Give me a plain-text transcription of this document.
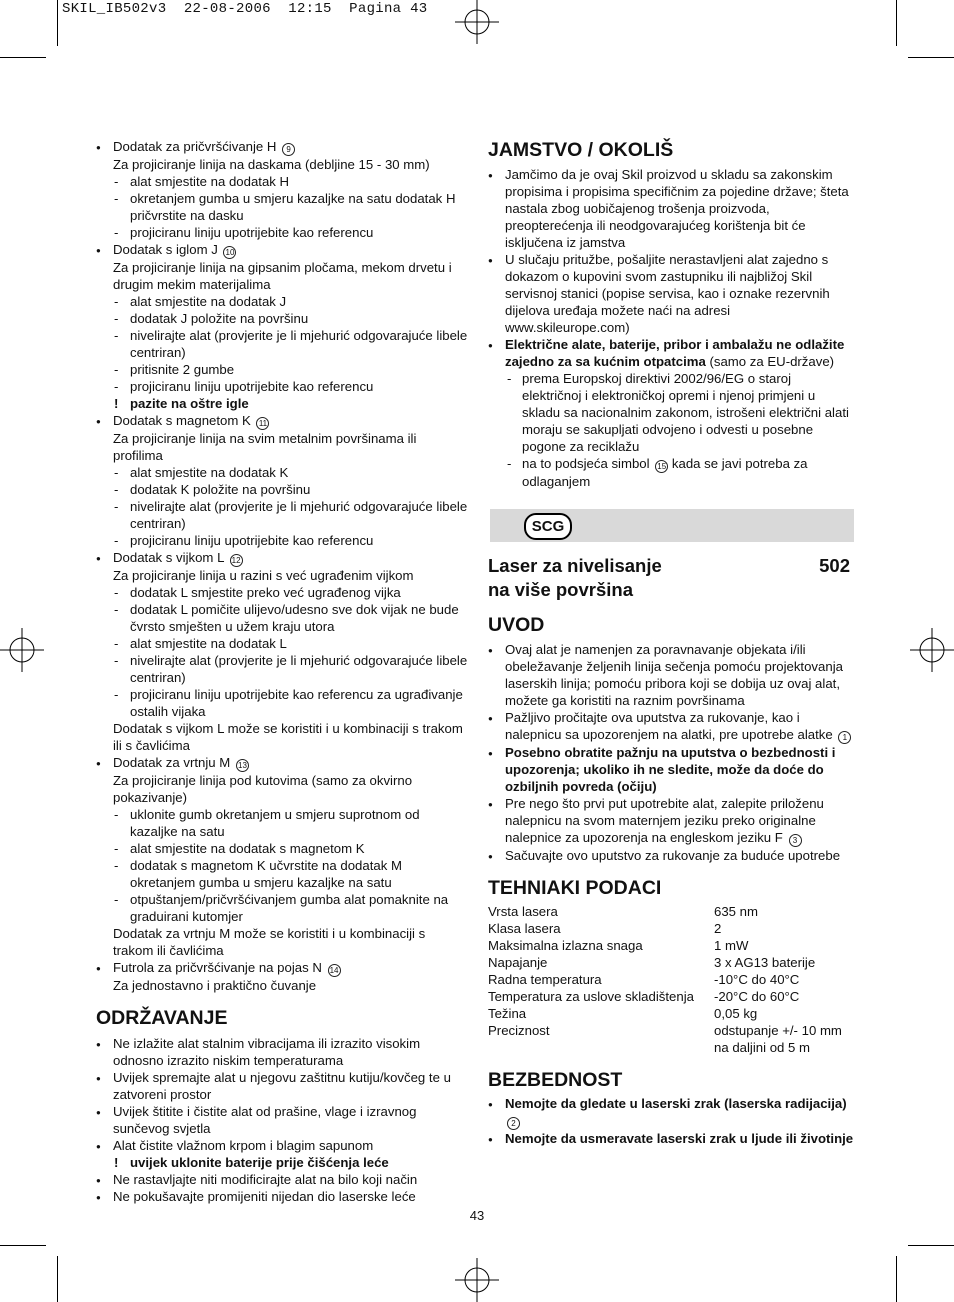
SKIL_IB502v3 22-08-2006 12:15 Pagina 43
● Dodatak za pričvršćivanje H 9
Za projiciranje linija na daskama (debljine 15 - 30 mm)
- alat smjestite na dodatak H
- okretanjem gumba u smjeru kazaljke na satu dodatak H pričvrstite na dasku
- projiciranu liniju upotrijebite kao referencu
● Dodatak s iglom J 10
Za projiciranje linija na gipsanim pločama, mekom drvetu i drugim mekim materijalima
- alat smjestite na dodatak J
- dodatak J položite na površinu
- nivelirajte alat (provjerite je li mjehurić odgovarajuće libele centriran)
- pritisnite 2 gumbe
- projiciranu liniju upotrijebite kao referencu
! pazite na oštre igle
● Dodatak s magnetom K 11
Za projiciranje linija na svim metalnim površinama ili profilima
- alat smjestite na dodatak K
- dodatak K položite na površinu
- nivelirajte alat (provjerite je li mjehurić odgovarajuće libele centriran)
- projiciranu liniju upotrijebite kao referencu
● Dodatak s vijkom L 12
Za projiciranje linija u razini s već ugrađenim vijkom
- dodatak L smjestite preko već ugrađenog vijka
- dodatak L pomičite ulijevo/udesno sve dok vijak ne bude čvrsto smješten u užem kraju utora
- alat smjestite na dodatak L
- nivelirajte alat (provjerite je li mjehurić odgovarajuće libele centriran)
- projiciranu liniju upotrijebite kao referencu za ugrađivanje ostalih vijaka
Dodatak s vijkom L može se koristiti i u kombinaciji s trakom ili s čavlićima
● Dodatak za vrtnju M 13
Za projiciranje linija pod kutovima (samo za okvirno pokazivanje)
- uklonite gumb okretanjem u smjeru suprotnom od kazaljke na satu
- alat smjestite na dodatak s magnetom K
- dodatak s magnetom K učvrstite na dodatak M okretanjem gumba u smjeru kazaljke na satu
- otpuštanjem/pričvršćivanjem gumba alat pomaknite na graduirani kutomjer
Dodatak za vrtnju M može se koristiti i u kombinaciji s trakom ili čavlićima
● Futrola za pričvršćivanje na pojas N 14
Za jednostavno i praktično čuvanje
ODRŽAVANJE
● Ne izlažite alat stalnim vibracijama ili izrazito visokim odnosno izrazito niskim temperaturama
● Uvijek spremajte alat u njegovu zaštitnu kutiju/kovčeg te u zatvoreni prostor
● Uvijek štitite i čistite alat od prašine, vlage i izravnog sunčevog svjetla
● Alat čistite vlažnom krpom i blagim sapunom
! uvijek uklonite baterije prije čišćenja leće
● Ne rastavljajte niti modificirajte alat na bilo koji način
● Ne pokušavajte promijeniti nijedan dio laserske leće
JAMSTVO / OKOLIŠ
● Jamčimo da je ovaj Skil proizvod u skladu sa zakonskim propisima i propisima specifičnim za pojedine države; šteta nastala zbog uobičajenog trošenja proizvoda, preopterećenja ili neodgovarajućeg korištenja bit će isključena iz jamstva
● U slučaju pritužbe, pošaljite nerastavljeni alat zajedno s dokazom o kupovini svom zastupniku ili najbližoj Skil servisnoj stanici (popise servisa, kao i oznake rezervnih dijelova uređaja možete naći na adresi www.skileurope.com)
● Električne alate, baterije, pribor i ambalažu ne odlažite zajedno za sa kućnim otpatcima (samo za EU-države)
- prema Europskoj direktivi 2002/96/EG o staroj električnoj i elektroničkoj opremi i njenoj primjeni u skladu sa nacionalnim zakonom, istrošeni električni alati moraju se sakupljati odvojeno i odvesti u posebne pogone za reciklažu
- na to podsjeća simbol 15 kada se javi potreba za odlaganjem
SCG
Laser za nivelisanje	502
na više površina
UVOD
● Ovaj alat je namenjen za poravnavanje objekata i/ili obeležavanje željenih linija sečenja pomoću projektovanja laserskih linija; pomoću pribora koji se dobija uz ovaj alat, možete ga koristiti na raznim površinama
● Pažljivo pročitajte ova uputstva za rukovanje, kao i nalepnicu sa upozorenjem na alatki, pre upotrebe alatke 1
● Posebno obratite pažnju na uputstva o bezbednosti i upozorenja; ukoliko ih ne sledite, može da doće do ozbiljnih povreda (očiju)
● Pre nego što prvi put upotrebite alat, zalepite priloženu nalepnicu na svom maternjem jeziku preko originalne nalepnice za upozorenja na engleskom jeziku F 3
● Sačuvajte ovo uputstvo za rukovanje za buduće upotrebe
TEHNIAKI PODACI
Vrsta lasera	635 nm
Klasa lasera	2
Maksimalna izlazna snaga	1 mW
Napajanje	3 x AG13 baterije
Radna temperatura	-10°C do 40°C
Temperatura za uslove skladištenja	-20°C do 60°C
Težina	0,05 kg
Preciznost	odstupanje +/- 10 mm na daljini od 5 m
BEZBEDNOST
● Nemojte da gledate u laserski zrak (laserska radijacija) 2
● Nemojte da usmeravate laserski zrak u ljude ili životinje
43
